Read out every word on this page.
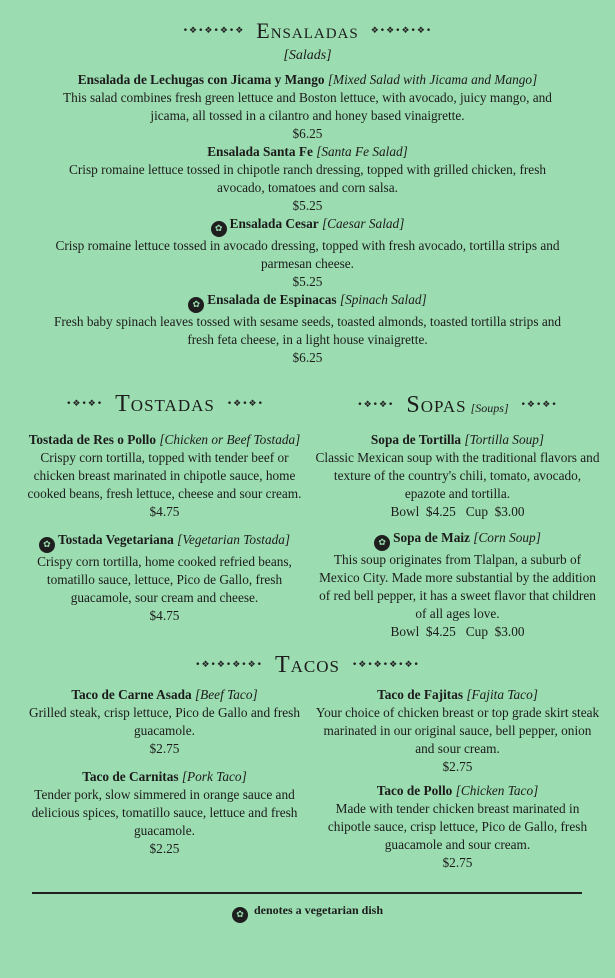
•❖•❖•❖•❖ Ensaladas ❖•❖•❖•❖•
[Salads]
Ensalada de Lechugas con Jicama y Mango [Mixed Salad with Jicama and Mango]
This salad combines fresh green lettuce and Boston lettuce, with avocado, juicy mango, and jicama, all tossed in a cilantro and honey based vinaigrette.
$6.25
Ensalada Santa Fe [Santa Fe Salad]
Crisp romaine lettuce tossed in chipotle ranch dressing, topped with grilled chicken, fresh avocado, tomatoes and corn salsa.
$5.25
✿ Ensalada Cesar [Caesar Salad]
Crisp romaine lettuce tossed in avocado dressing, topped with fresh avocado, tortilla strips and parmesan cheese.
$5.25
✿ Ensalada de Espinacas [Spinach Salad]
Fresh baby spinach leaves tossed with sesame seeds, toasted almonds, toasted tortilla strips and fresh feta cheese, in a light house vinaigrette.
$6.25
•❖•❖• Tostadas •❖•❖•
Tostada de Res o Pollo [Chicken or Beef Tostada]
Crispy corn tortilla, topped with tender beef or chicken breast marinated in chipotle sauce, home cooked beans, fresh lettuce, cheese and sour cream.
$4.75
✿ Tostada Vegetariana [Vegetarian Tostada]
Crispy corn tortilla, home cooked refried beans, tomatillo sauce, lettuce, Pico de Gallo, fresh guacamole, sour cream and cheese.
$4.75
•❖•❖• Sopas [Soups] •❖•❖•
Sopa de Tortilla [Tortilla Soup]
Classic Mexican soup with the traditional flavors and texture of the country's chili, tomato, avocado, epazote and tortilla.
Bowl  $4.25   Cup  $3.00
✿ Sopa de Maiz [Corn Soup]
This soup originates from Tlalpan, a suburb of Mexico City. Made more substantial by the addition of red bell pepper, it has a sweet flavor that children of all ages love.
Bowl  $4.25   Cup  $3.00
•❖•❖•❖•❖• Tacos •❖•❖•❖•❖•
Taco de Carne Asada [Beef Taco]
Grilled steak, crisp lettuce, Pico de Gallo and fresh guacamole.
$2.75
Taco de Carnitas [Pork Taco]
Tender pork, slow simmered in orange sauce and delicious spices, tomatillo sauce, lettuce and fresh guacamole.
$2.25
Taco de Fajitas [Fajita Taco]
Your choice of chicken breast or top grade skirt steak marinated in our original sauce, bell pepper, onion and sour cream.
$2.75
Taco de Pollo [Chicken Taco]
Made with tender chicken breast marinated in chipotle sauce, crisp lettuce, Pico de Gallo, fresh guacamole and sour cream.
$2.75
✿ denotes a vegetarian dish
